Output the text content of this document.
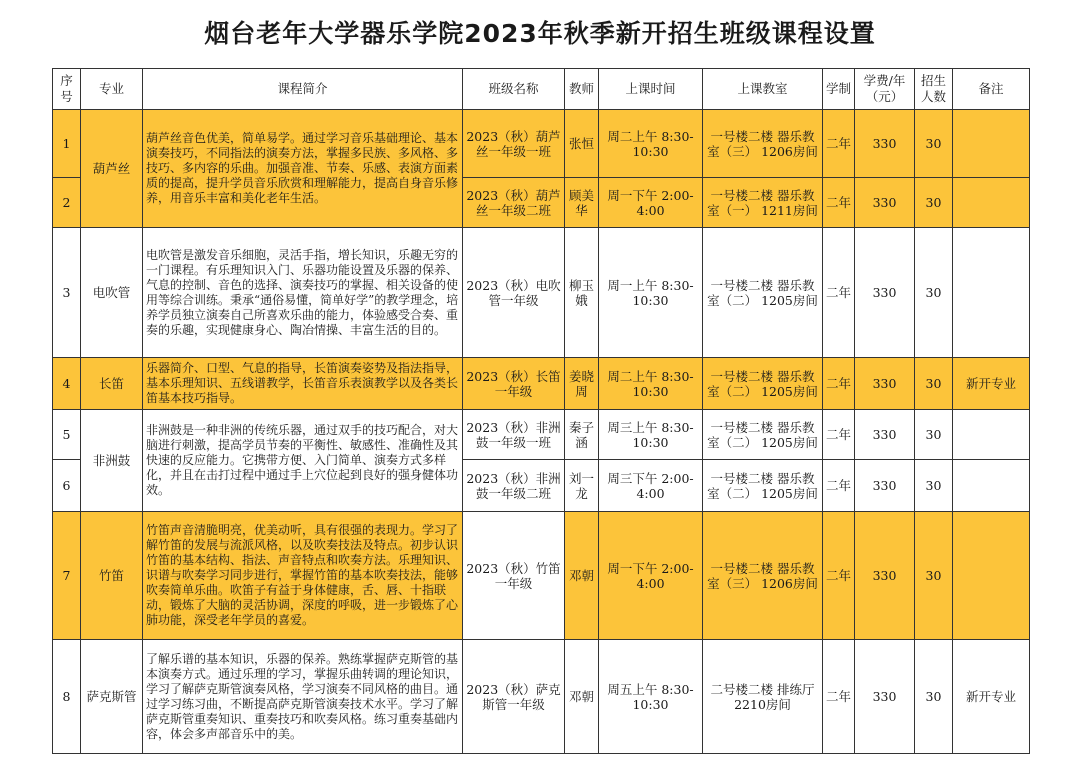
烟台老年大学器乐学院2023年秋季新开招生班级课程设置
序号	专业	课程简介	班级名称	教师	上课时间	上课教室	学制	学费/年（元）	招生人数	备注
1	葫芦丝	葫芦丝音色优美，简单易学。通过学习音乐基础理论、基本演奏技巧，不同指法的演奏方法，掌握多民族、多风格、多技巧、多内容的乐曲。加强音准、节奏、乐感、表演方面素质的提高，提升学员音乐欣赏和理解能力，提高自身音乐修养，用音乐丰富和美化老年生活。	2023（秋）葫芦丝一年级一班	张恒	周二上午 8:30-10:30	一号楼二楼 器乐教室（三） 1206房间	二年	330	30	
2			2023（秋）葫芦丝一年级二班	顾美华	周一下午 2:00-4:00	一号楼二楼 器乐教室（一） 1211房间	二年	330	30	
3	电吹管	电吹管是激发音乐细胞，灵活手指，增长知识，乐趣无穷的一门课程。有乐理知识入门、乐器功能设置及乐器的保养、气息的控制、音色的选择、演奏技巧的掌握、相关设备的使用等综合训练。秉承“通俗易懂，简单好学”的教学理念，培养学员独立演奏自己所喜欢乐曲的能力，体验感受合奏、重奏的乐趣，实现健康身心、陶冶情操、丰富生活的目的。	2023（秋）电吹管一年级	柳玉娥	周一上午 8:30-10:30	一号楼二楼 器乐教室（二） 1205房间	二年	330	30	
4	长笛	乐器简介、口型、气息的指导，长笛演奏姿势及指法指导，基本乐理知识、五线谱教学，长笛音乐表演教学以及各类长笛基本技巧指导。	2023（秋）长笛一年级	姜晓周	周二上午 8:30-10:30	一号楼二楼 器乐教室（二） 1205房间	二年	330	30	新开专业
5	非洲鼓	非洲鼓是一种非洲的传统乐器，通过双手的技巧配合，对大脑进行刺激，提高学员节奏的平衡性、敏感性、准确性及其快速的反应能力。它携带方便、入门简单、演奏方式多样化，并且在击打过程中通过手上穴位起到良好的强身健体功效。	2023（秋）非洲鼓一年级一班	秦子涵	周三上午 8:30-10:30	一号楼二楼 器乐教室（二） 1205房间	二年	330	30	
6			2023（秋）非洲鼓一年级二班	刘一龙	周三下午 2:00-4:00	一号楼二楼 器乐教室（二） 1205房间	二年	330	30	
7	竹笛	竹笛声音清脆明亮，优美动听，具有很强的表现力。学习了解竹笛的发展与流派风格，以及吹奏技法及特点。初步认识竹笛的基本结构、指法、声音特点和吹奏方法。乐理知识、识谱与吹奏学习同步进行，掌握竹笛的基本吹奏技法，能够吹奏简单乐曲。吹笛子有益于身体健康，舌、唇、十指联动，锻炼了大脑的灵活协调，深度的呼吸，进一步锻炼了心肺功能，深受老年学员的喜爱。	2023（秋）竹笛一年级	邓朝	周一下午 2:00-4:00	一号楼二楼 器乐教室（三） 1206房间	二年	330	30	
8	萨克斯管	了解乐谱的基本知识，乐器的保养。熟练掌握萨克斯管的基本演奏方式。通过乐理的学习，掌握乐曲转调的理论知识，学习了解萨克斯管演奏风格，学习演奏不同风格的曲目。通过学习练习曲，不断提高萨克斯管演奏技术水平。学习了解萨克斯管重奏知识、重奏技巧和吹奏风格。练习重奏基础内容，体会多声部音乐中的美。	2023（秋）萨克斯管一年级	邓朝	周五上午 8:30-10:30	二号楼二楼 排练厅 2210房间	二年	330	30	新开专业
